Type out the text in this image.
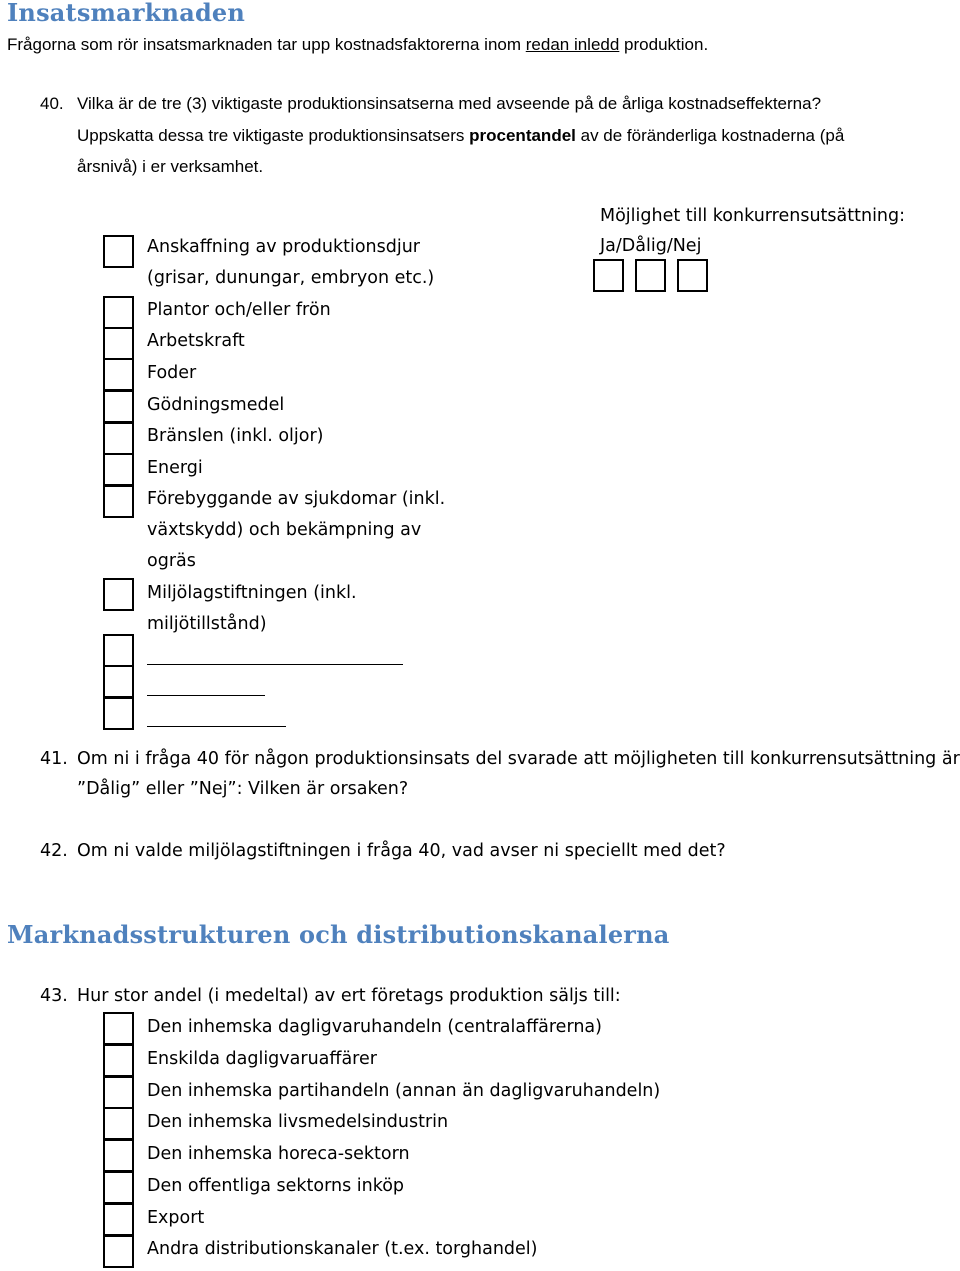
Insatsmarknaden
Frågorna som rör insatsmarknaden tar upp kostnadsfaktorerna inom redan inledd produktion.
40. Vilka är de tre (3) viktigaste produktionsinsatserna med avseende på de årliga kostnadseffekterna?
Uppskatta dessa tre viktigaste produktionsinsatsers procentandel av de föränderliga kostnaderna (på
årsnivå) i er verksamhet.
Möjlighet till konkurrensutsättning:
Ja/Dålig/Nej
Anskaffning av produktionsdjur
(grisar, dunungar, embryon etc.)
Plantor och/eller frön
Arbetskraft
Foder
Gödningsmedel
Bränslen (inkl. oljor)
Energi
Förebyggande av sjukdomar (inkl.
växtskydd) och bekämpning av
ogräs
Miljölagstiftningen (inkl.
miljötillstånd)
41. Om ni i fråga 40 för någon produktionsinsats del svarade att möjligheten till konkurrensutsättning är
”Dålig” eller ”Nej”: Vilken är orsaken?
42. Om ni valde miljölagstiftningen i fråga 40, vad avser ni speciellt med det?
Marknadsstrukturen och distributionskanalerna
43. Hur stor andel (i medeltal) av ert företags produktion säljs till:
Den inhemska dagligvaruhandeln (centralaffärerna)
Enskilda dagligvaruaffärer
Den inhemska partihandeln (annan än dagligvaruhandeln)
Den inhemska livsmedelsindustrin
Den inhemska horeca-sektorn
Den offentliga sektorns inköp
Export
Andra distributionskanaler (t.ex. torghandel)
